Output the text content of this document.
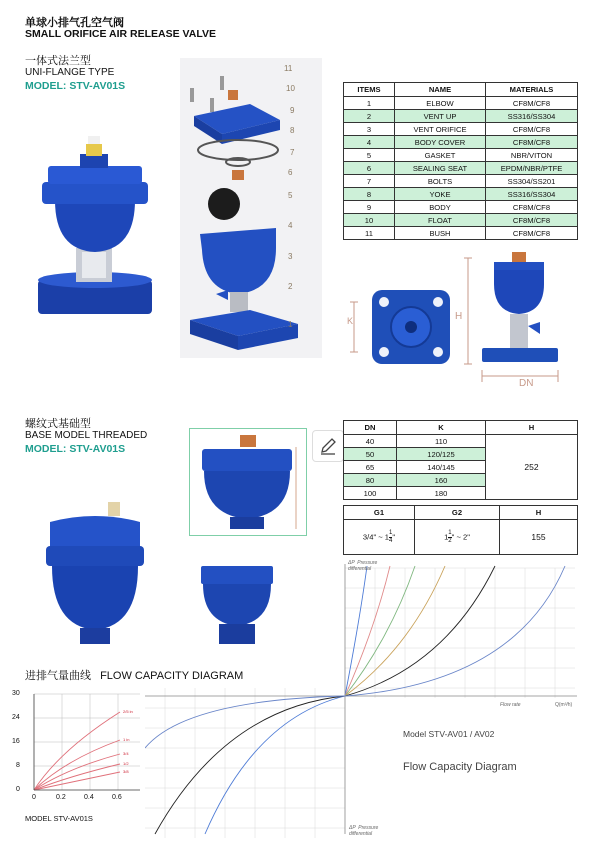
单球小排气孔空气阀
SMALL ORIFICE AIR RELEASE VALVE
一体式法兰型
UNI-FLANGE TYPE
MODEL: STV-AV01S
11
10
9
8
7
6
5
4
3
2
1
ITEMS	NAME	MATERIALS
1	ELBOW	CF8M/CF8
2	VENT UP	SS316/SS304
3	VENT ORIFICE	CF8M/CF8
4	BODY COVER	CF8M/CF8
5	GASKET	NBR/VITON
6	SEALING SEAT	EPDM/NBR/PTFE
7	BOLTS	SS304/SS201
8	YOKE	SS316/SS304
9	BODY	CF8M/CF8
10	FLOAT	CF8M/CF8
11	BUSH	CF8M/CF8
K	H
DN
螺纹式基础型
BASE MODEL THREADED
MODEL: STV-AV01S
DN	K	H
40	110	252
50	120/125	
65	140/145	
80	160	
100	180	
G1	G2	H
3/4" ~ $1 \frac{1}{4}$ "	$1 \frac{1}{2}$ " ~ 2"	155
进排气量曲线 FLOW CAPACITY DIAGRAM
30
24
16
8
0
0	0.2	0.4	0.6
2/5 in
1 in
3/4
1/2
3/8
MODEL STV-AV01S
ΔP  Pressure
differential
ΔP  Pressure
differential
Flow rate	Q(m³/h)
Model STV-AV01 / AV02
Flow Capacity Diagram
